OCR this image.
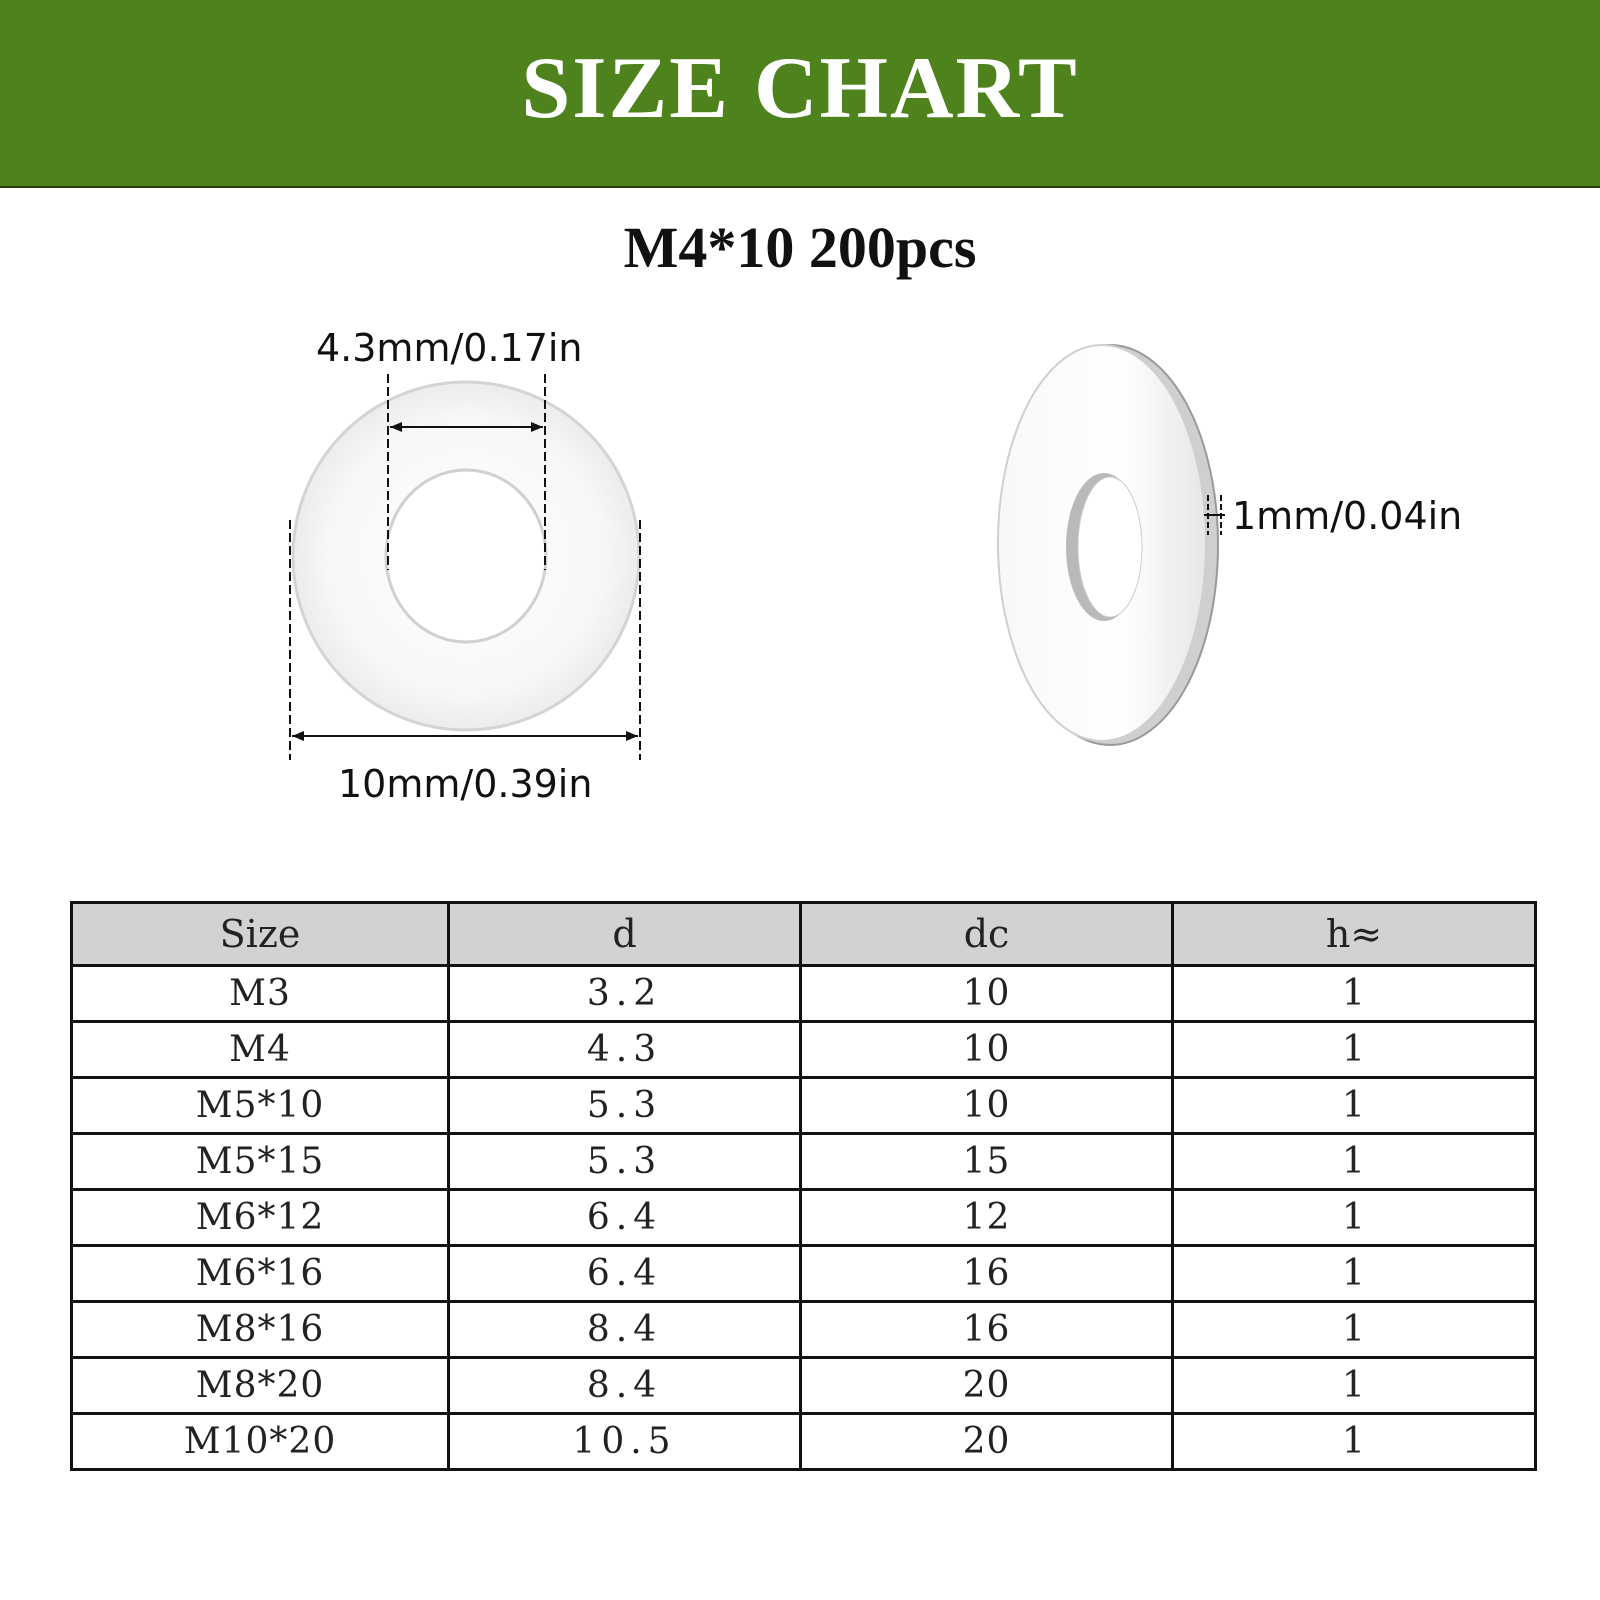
SIZE CHART
M4*10 200pcs
4.3mm/0.17in
10mm/0.39in
1mm/0.04in
Size	d	dc	h≈
M3	3.2	10	1
M4	4.3	10	1
M5*10	5.3	10	1
M5*15	5.3	15	1
M6*12	6.4	12	1
M6*16	6.4	16	1
M8*16	8.4	16	1
M8*20	8.4	20	1
M10*20	10.5	20	1
